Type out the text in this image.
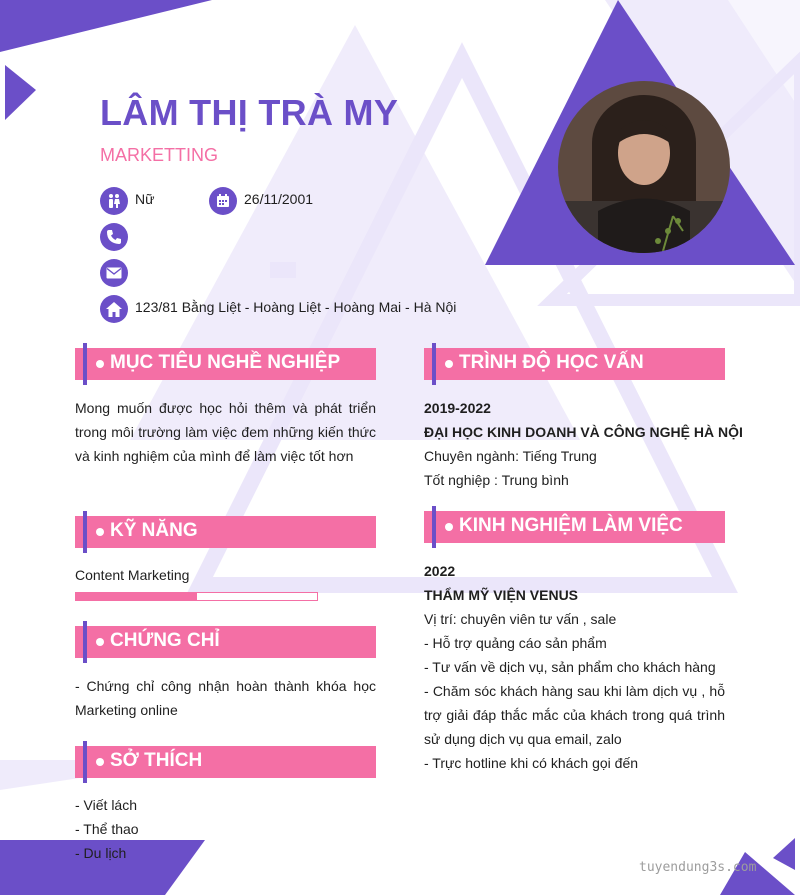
LÂM THỊ TRÀ MY
MARKETTING
Nữ	26/11/2001
123/81 Bằng Liệt - Hoàng Liệt - Hoàng Mai - Hà Nội
MỤC TIÊU NGHỀ NGHIỆP
Mong muốn được học hỏi thêm và phát triển trong môi trường làm việc đem những kiến thức và kinh nghiệm của mình để làm việc tốt hơn
KỸ NĂNG
Content Marketing
CHỨNG CHỈ
- Chứng chỉ công nhận hoàn thành khóa học Marketing online
SỞ THÍCH
- Viết lách
- Thể thao
- Du lịch
TRÌNH ĐỘ HỌC VẤN
2019-2022
ĐẠI HỌC KINH DOANH VÀ CÔNG NGHỆ HÀ NỘI
Chuyên ngành: Tiếng Trung
Tốt nghiệp : Trung bình
KINH NGHIỆM LÀM VIỆC
2022
THẨM MỸ VIỆN VENUS
Vị trí: chuyên viên tư vấn , sale
- Hỗ trợ quảng cáo sản phẩm
- Tư vấn về dịch vụ, sản phẩm cho khách hàng
- Chăm sóc khách hàng sau khi làm dịch vụ , hỗ trợ giải đáp thắc mắc của khách trong quá trình sử dụng dịch vụ qua email, zalo
- Trực hotline khi có khách gọi đến
tuyendung3s.com
